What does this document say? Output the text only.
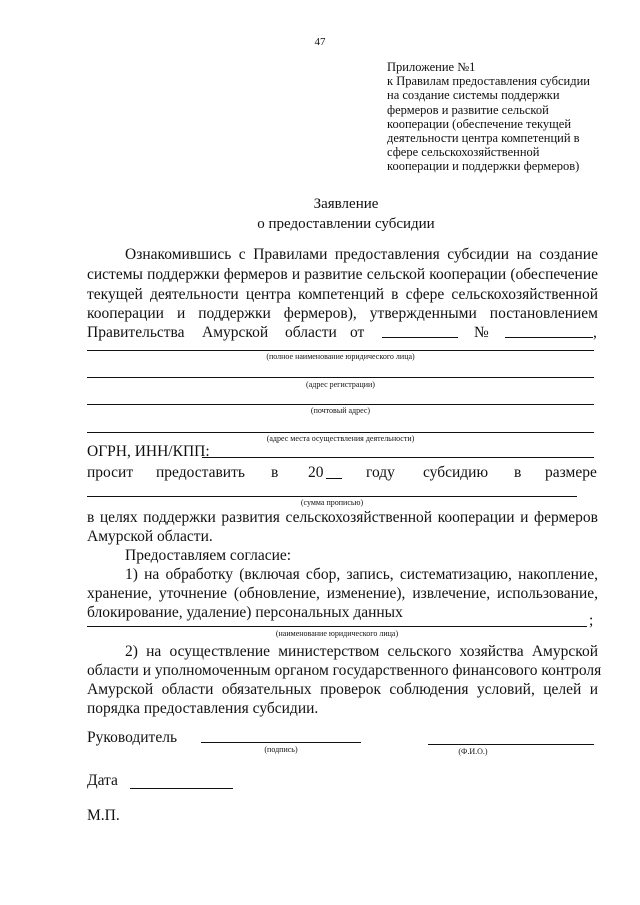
47
Приложение №1
к Правилам предоставления субсидии
на создание системы поддержки
фермеров и развитие сельской
кооперации (обеспечение текущей
деятельности центра компетенций в
сфере сельскохозяйственной
кооперации и поддержки фермеров)
Заявление
о предоставлении субсидии
Ознакомившись с Правилами предоставления субсидии на создание
системы поддержки фермеров и развитие сельской кооперации (обеспечение
текущей деятельности центра компетенций в сфере сельскохозяйственной
кооперации и поддержки фермеров), утвержденными постановлением
Правительства Амурской области от	№	,
(полное наименование юридического лица)
(адрес регистрации)
(почтовый адрес)
(адрес места осуществления деятельности)
ОГРН, ИНН/КПП:
просит предоставить в 20	году субсидию в размере
(сумма прописью)
в целях поддержки развития сельскохозяйственной кооперации и фермеров
Амурской области.
Предоставляем согласие:
1) на обработку (включая сбор, запись, систематизацию, накопление,
хранение, уточнение (обновление, изменение), извлечение, использование,
блокирование, удаление) персональных данных	;
(наименование юридического лица)
2) на осуществление министерством сельского хозяйства Амурской
области и уполномоченным органом государственного финансового контроля
Амурской области обязательных проверок соблюдения условий, целей и
порядка предоставления субсидии.
Руководитель
(подпись)	(Ф.И.О.)
Дата
М.П.
